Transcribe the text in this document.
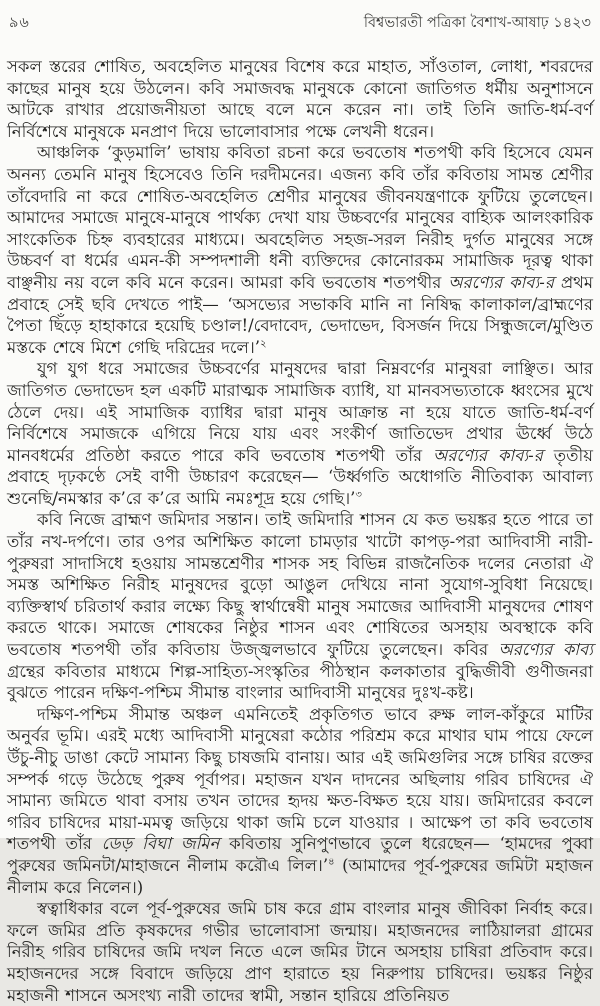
৯৬	বিশ্বভারতী পত্রিকা বৈশাখ-আষাঢ় ১৪২৩

সকল স্তরের শোষিত, অবহেলিত মানুষের বিশেষ করে মাহাত, সাঁওতাল, লোধা, শবরদের কাছের মানুষ হয়ে উঠলেন। কবি সমাজবদ্ধ মানুষকে কোনো জাতিগত ধর্মীয় অনুশাসনে আটকে রাখার প্রয়োজনীয়তা আছে বলে মনে করেন না। তাই তিনি জাতি-ধর্ম-বর্ণ নির্বিশেষে মানুষকে মনপ্রাণ দিয়ে ভালোবাসার পক্ষে লেখনী ধরেন।

আঞ্চলিক ‘কুড়মালি’ ভাষায় কবিতা রচনা করে ভবতোষ শতপথী কবি হিসেবে যেমন অনন্য তেমনি মানুষ হিসেবেও তিনি দরদীমনের। এজন্য কবি তাঁর কবিতায় সামন্ত শ্রেণীর তাঁবেদারি না করে শোষিত-অবহেলিত শ্রেণীর মানুষের জীবনযন্ত্রণাকে ফুটিয়ে তুলেছেন। আমাদের সমাজে মানুষে-মানুষে পার্থক্য দেখা যায় উচ্চবর্ণের মানুষের বাহ্যিক আলংকারিক সাংকেতিক চিহ্ন ব্যবহারের মাধ্যমে। অবহেলিত সহজ-সরল নিরীহ দুর্গত মানুষের সঙ্গে উচ্চবর্ণ বা ধর্মের এমন-কী সম্পদশালী ধনী ব্যক্তিদের কোনোরকম সামাজিক দূরত্ব থাকা বাঞ্ছনীয় নয় বলে কবি মনে করেন। আমরা কবি ভবতোষ শতপথীর অরণ্যের কাব্য-র প্রথম প্রবাহে সেই ছবি দেখতে পাই— ‘অসভ্যের সভাকবি মানি না নিষিদ্ধ কালাকাল/ব্রাহ্মণের পৈতা ছিঁড়ে হাহাকারে হয়েছি চণ্ডাল!/বেদাবেদ, ভেদাভেদ, বিসর্জন দিয়ে সিন্ধুজলে/মুণ্ডিত মস্তকে শেষে মিশে গেছি দরিদ্রের দলে।’$^২$

যুগ যুগ ধরে সমাজের উচ্চবর্ণের মানুষদের দ্বারা নিম্নবর্ণের মানুষরা লাঞ্ছিত। আর জাতিগত ভেদাভেদ হল একটি মারাত্মক সামাজিক ব্যাধি, যা মানবসভ্যতাকে ধ্বংসের মুখে ঠেলে দেয়। এই সামাজিক ব্যাধির দ্বারা মানুষ আক্রান্ত না হয়ে যাতে জাতি-ধর্ম-বর্ণ নির্বিশেষে সমাজকে এগিয়ে নিয়ে যায় এবং সংকীর্ণ জাতিভেদ প্রথার ঊর্ধ্বে উঠে মানবধর্মের প্রতিষ্ঠা করতে পারে কবি ভবতোষ শতপথী তাঁর অরণ্যের কাব্য-র তৃতীয় প্রবাহে দৃঢ়কণ্ঠে সেই বাণী উচ্চারণ করেছেন— ‘উর্ধ্বগতি অধোগতি নীতিবাক্য আবাল্য শুনেছি/নমস্কার ক’রে ক’রে আমি নমঃশূদ্র হয়ে গেছি।’$^৩$

কবি নিজে ব্রাহ্মণ জমিদার সন্তান। তাই জমিদারি শাসন যে কত ভয়ঙ্কর হতে পারে তা তাঁর নখ-দর্পণে। তার ওপর অশিক্ষিত কালো চামড়ার খাটো কাপড়-পরা আদিবাসী নারী-পুরুষরা সাদাসিধে হওয়ায় সামন্তশ্রেণীর শাসক সহ বিভিন্ন রাজনৈতিক দলের নেতারা ঐ সমস্ত অশিক্ষিত নিরীহ মানুষদের বুড়ো আঙুল দেখিয়ে নানা সুযোগ-সুবিধা নিয়েছে। ব্যক্তিস্বার্থ চরিতার্থ করার লক্ষ্যে কিছু স্বার্থান্বেষী মানুষ সমাজের আদিবাসী মানুষদের শোষণ করতে থাকে। সমাজে শোষকের নিষ্ঠুর শাসন এবং শোষিতের অসহায় অবস্থাকে কবি ভবতোষ শতপথী তাঁর কবিতায় উজ্জ্বলভাবে ফুটিয়ে তুলেছেন। কবির অরণ্যের কাব্য গ্রন্থের কবিতার মাধ্যমে শিল্প-সাহিত্য-সংস্কৃতির পীঠস্থান কলকাতার বুদ্ধিজীবী গুণীজনরা বুঝতে পারেন দক্ষিণ-পশ্চিম সীমান্ত বাংলার আদিবাসী মানুষের দুঃখ-কষ্ট।

দক্ষিণ-পশ্চিম সীমান্ত অঞ্চল এমনিতেই প্রকৃতিগত ভাবে রুক্ষ লাল-কাঁকুরে মাটির অনুর্বর ভূমি। এরই মধ্যে আদিবাসী মানুষেরা কঠোর পরিশ্রম করে মাথার ঘাম পায়ে ফেলে উঁচু-নীচু ডাঙা কেটে সামান্য কিছু চাষজমি বানায়। আর এই জমিগুলির সঙ্গে চাষির রক্তের সম্পর্ক গড়ে উঠেছে পুরুষ পূর্বাপর। মহাজন যখন দাদনের অছিলায় গরিব চাষিদের ঐ সামান্য জমিতে থাবা বসায় তখন তাদের হৃদয় ক্ষত-বিক্ষত হয়ে যায়। জমিদারের কবলে গরিব চাষিদের মায়া-মমত্ব জড়িয়ে থাকা জমি চলে যাওয়ার । আক্ষেপ তা কবি ভবতোষ শতপথী তাঁর ডেড় বিঘা জমিন কবিতায় সুনিপুণভাবে তুলে ধরেছেন— ‘হামদের পুব্বা পুরুষের জমিনটা/মাহাজনে নীলাম করৌএ লিল।’$^৪$ (আমাদের পূর্ব-পুরুষের জমিটা মহাজন নীলাম করে নিলেন।)

স্বত্বাধিকার বলে পূর্ব-পুরুষের জমি চাষ করে গ্রাম বাংলার মানুষ জীবিকা নির্বাহ করে। ফলে জমির প্রতি কৃষকদের গভীর ভালোবাসা জন্মায়। মহাজনদের লাঠিয়ালরা গ্রামের নিরীহ গরিব চাষিদের জমি দখল নিতে এলে জমির টানে অসহায় চাষিরা প্রতিবাদ করে। মহাজনদের সঙ্গে বিবাদে জড়িয়ে প্রাণ হারাতে হয় নিরুপায় চাষিদের। ভয়ঙ্কর নিষ্ঠুর মহাজনী শাসনে অসংখ্য নারী তাদের স্বামী, সন্তান হারিয়ে প্রতিনিয়ত
